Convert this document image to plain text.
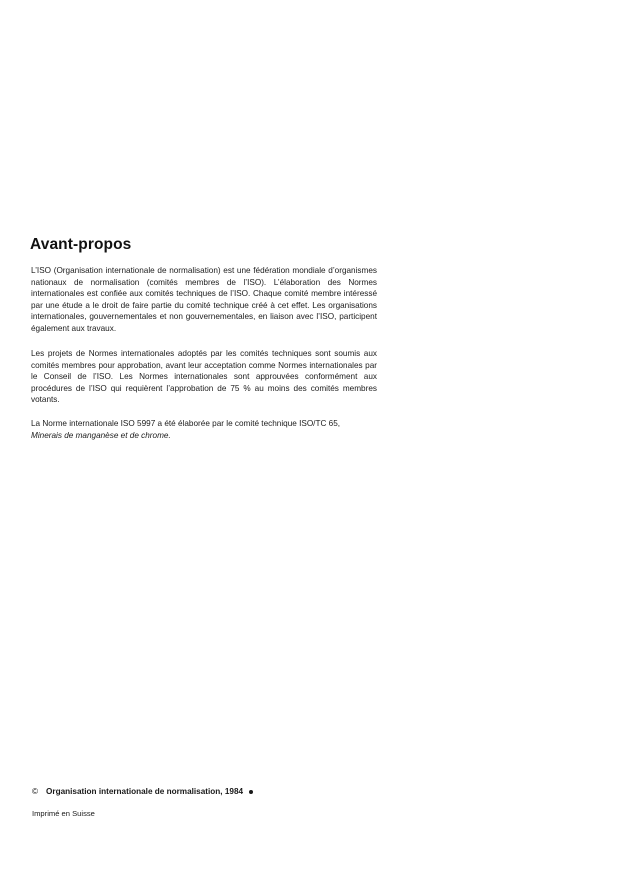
Avant-propos

L’ISO (Organisation internationale de normalisation) est une fédération mondiale d’organismes nationaux de normalisation (comités membres de l’ISO). L’élaboration des Normes internationales est confiée aux comités techniques de l’ISO. Chaque comité membre intéressé par une étude a le droit de faire partie du comité technique créé à cet effet. Les organisations internationales, gouvernementales et non gouvernementales, en liaison avec l’ISO, participent également aux travaux.

Les projets de Normes internationales adoptés par les comités techniques sont soumis aux comités membres pour approbation, avant leur acceptation comme Normes internationales par le Conseil de l’ISO. Les Normes internationales sont approuvées conformément aux procédures de l’ISO qui requièrent l’approbation de 75 % au moins des comités membres votants.

La Norme internationale ISO 5997 a été élaborée par le comité technique ISO/TC 65,
Minerais de manganèse et de chrome.

© Organisation internationale de normalisation, 1984
Imprimé en Suisse
